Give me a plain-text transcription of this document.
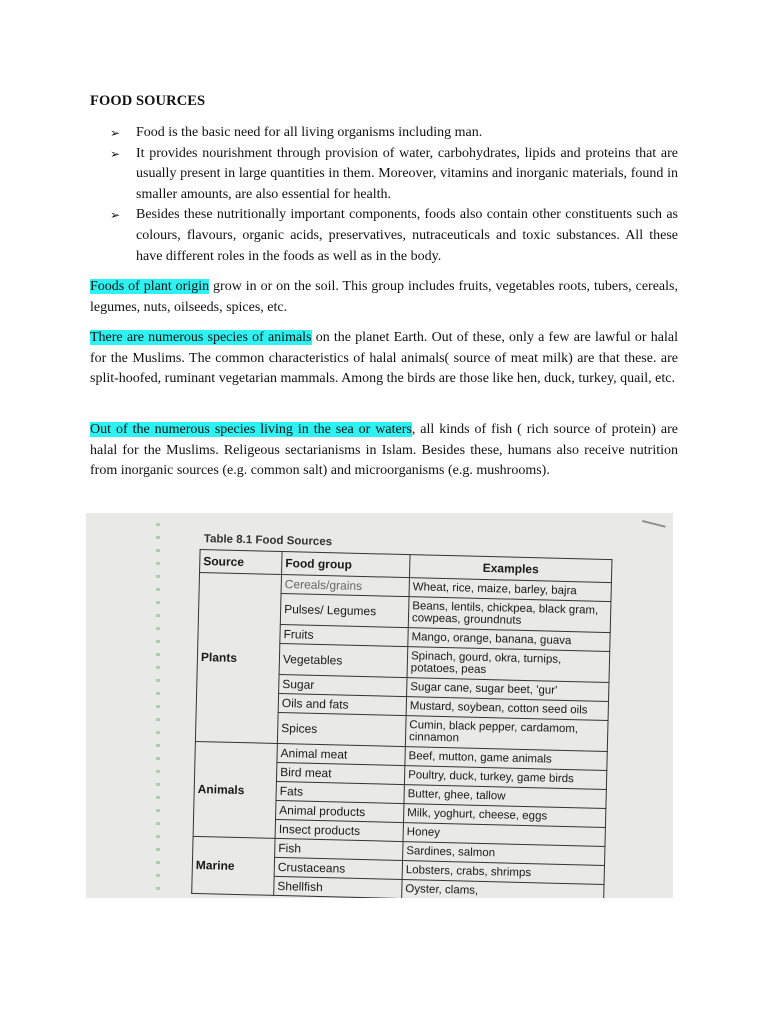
FOOD SOURCES
➢ Food is the basic need for all living organisms including man.
➢ It provides nourishment through provision of water, carbohydrates, lipids and proteins that are usually present in large quantities in them. Moreover, vitamins and inorganic materials, found in smaller amounts, are also essential for health.
➢ Besides these nutritionally important components, foods also contain other constituents such as colours, flavours, organic acids, preservatives, nutraceuticals and toxic substances. All these have different roles in the foods as well as in the body.

Foods of plant origin grow in or on the soil. This group includes fruits, vegetables roots, tubers, cereals, legumes, nuts, oilseeds, spices, etc.

There are numerous species of animals on the planet Earth. Out of these, only a few are lawful or halal for the Muslims. The common characteristics of halal animals( source of meat milk) are that these. are split-hoofed, ruminant vegetarian mammals. Among the birds are those like hen, duck, turkey, quail, etc.

Out of the numerous species living in the sea or waters, all kinds of fish ( rich source of protein) are halal for the Muslims. Religeous sectarianisms in Islam. Besides these, humans also receive nutrition from inorganic sources (e.g. common salt) and microorganisms (e.g. mushrooms).

Table 8.1 Food Sources
Source	Food group	Examples
Plants	Cereals/grains	Wheat, rice, maize, barley, bajra
	Pulses/ Legumes	Beans, lentils, chickpea, black gram, cowpeas, groundnuts
	Fruits	Mango, orange, banana, guava
	Vegetables	Spinach, gourd, okra, turnips, potatoes, peas
	Sugar	Sugar cane, sugar beet, 'gur'
	Oils and fats	Mustard, soybean, cotton seed oils
	Spices	Cumin, black pepper, cardamom, cinnamon
Animals	Animal meat	Beef, mutton, game animals
	Bird meat	Poultry, duck, turkey, game birds
	Fats	Butter, ghee, tallow
	Animal products	Milk, yoghurt, cheese, eggs
	Insect products	Honey
Marine	Fish	Sardines, salmon
	Crustaceans	Lobsters, crabs, shrimps
	Shellfish	Oyster, clams,
